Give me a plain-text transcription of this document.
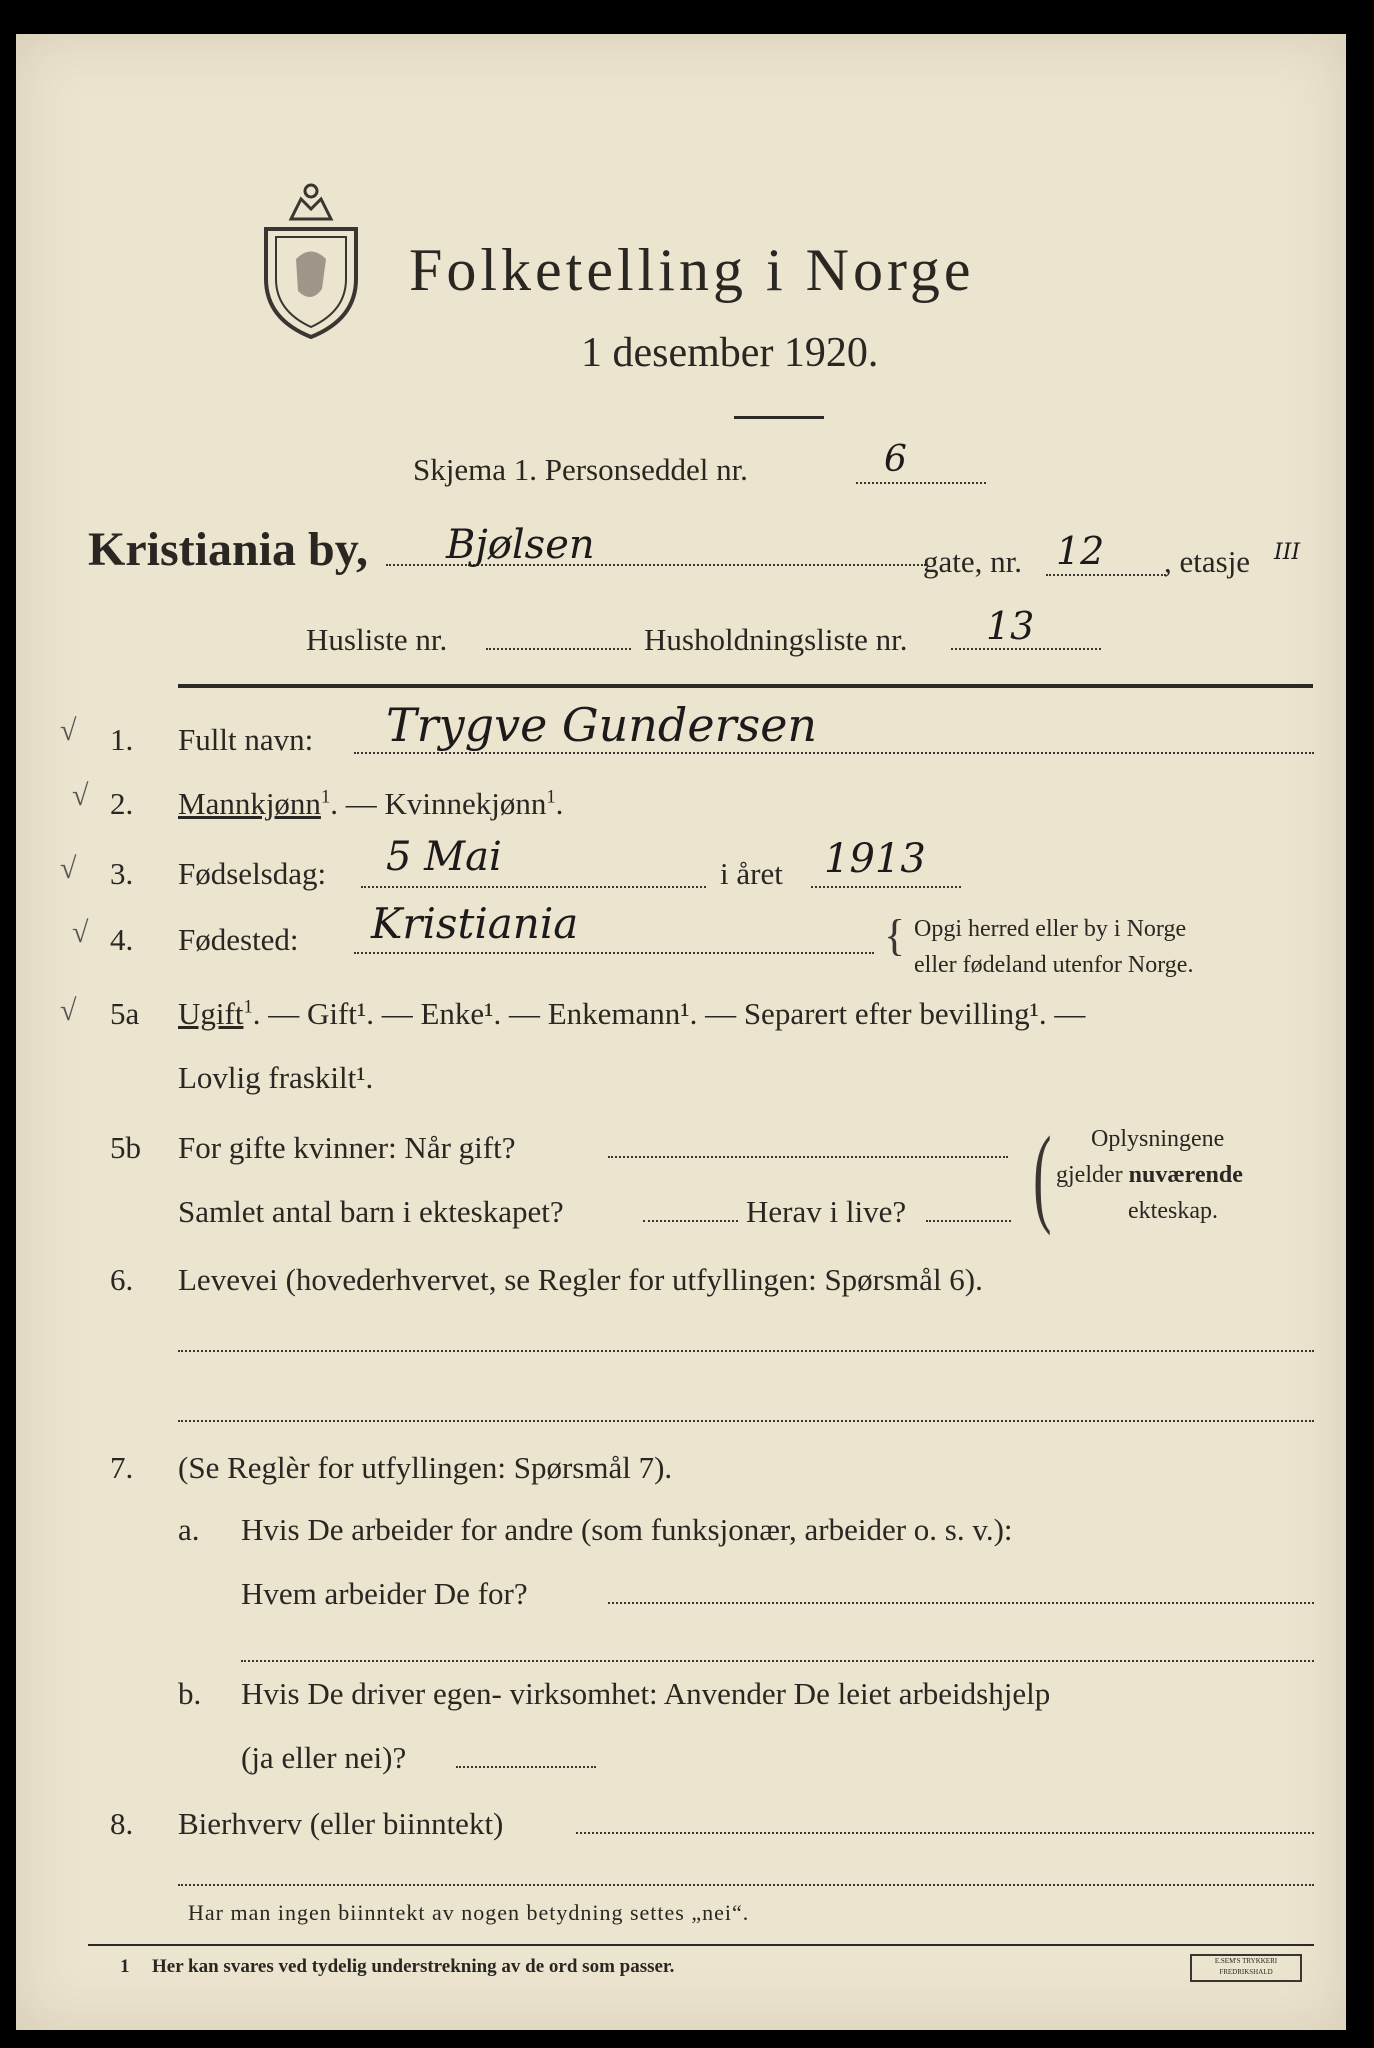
Folketelling i Norge
1 desember 1920.
Skjema 1. Personseddel nr.	6
Kristiania by, Bjølsen	gate, nr. 12 , etasje III
Husliste nr.	Husholdningsliste nr. 13
√ 1. Fullt navn: Trygve Gundersen
√ 2. Mannkjønn$^1$. — Kvinnekjønn$^1$.
√ 3. Fødselsdag: 5 Mai	i året 1913
√ 4. Fødested: Kristiania	{ Opgi herred eller by i Norge
eller fødeland utenfor Norge.
√ 5a Ugift$^1$. — Gift¹. — Enke¹. — Enkemann¹. — Separert efter bevilling¹. —
Lovlig fraskilt¹.
5b For gifte kvinner: Når gift?
Samlet antal barn i ekteskapet?	Herav i live? ( Oplysningene
gjelder nuværende
ekteskap.
6. Levevei (hovederhvervet, se Regler for utfyllingen: Spørsmål 6).
7. (Se Reglèr for utfyllingen: Spørsmål 7).
a. Hvis De arbeider for andre (som funksjonær, arbeider o. s. v.):
Hvem arbeider De for?
b. Hvis De driver egen- virksomhet: Anvender De leiet arbeidshjelp
(ja eller nei)?
8. Bierhverv (eller biinntekt)
Har man ingen biinntekt av nogen betydning settes „nei“.
1 Her kan svares ved tydelig understrekning av de ord som passer.	E.SEM'S TRYKKERI FREDRIKSHALD
